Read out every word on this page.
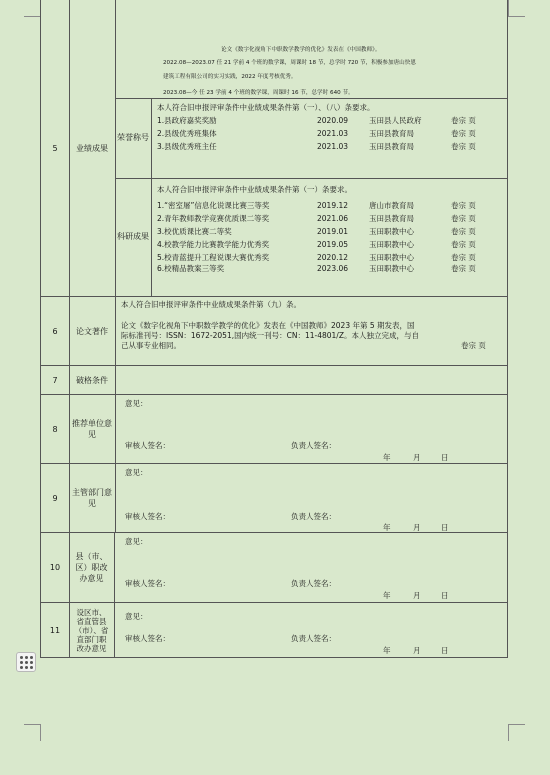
5	业绩成果
论文《数字化视角下中职数学教学的优化》发表在《中国教师》。
2022.08—2023.07 任 21 学前 4 个班的数学课，周课时 18 节，总学时 720 节，积极参加唐山快恩
建筑工程有限公司的实习实践，2022 年度考核优秀。
2023.08—今 任 23 学前 4 个班的数学课，周课时 16 节，总学时 640 节。
荣誉称号
本人符合旧申报评审条件中业绩成果条件第（一）、（八）条要求。
1.县政府嘉奖奖励	2020.09	玉田县人民政府	卷宗 页
2.县级优秀班集体	2021.03	玉田县教育局	卷宗 页
3.县级优秀班主任	2021.03	玉田县教育局	卷宗 页
科研成果
本人符合旧申报评审条件中业绩成果条件第（一）条要求。
1.“密室屠”信息化说课比赛三等奖	2019.12	唐山市教育局	卷宗 页
2.青年教师教学竞赛优质课二等奖	2021.06	玉田县教育局	卷宗 页
3.校优质课比赛二等奖	2019.01	玉田职教中心	卷宗 页
4.校教学能力比赛教学能力优秀奖	2019.05	玉田职教中心	卷宗 页
5.校青蓝提升工程说课大赛优秀奖	2020.12	玉田职教中心	卷宗 页
6.校精品教案三等奖	2023.06	玉田职教中心	卷宗 页
6	论文著作
本人符合旧申报评审条件中业绩成果条件第（九）条。
论文《数字化视角下中职数学教学的优化》发表在《中国教师》2023 年第 5 期发表，国
际标准刊号：ISSN：1672-2051,国内统一刊号：CN：11-4801/Z。本人独立完成，与自
己从事专业相同。	卷宗 页
7	破格条件
8
推荐单位意见
意见：
审核人签名：	负责人签名：
年	月	日
9
主管部门意见
意见：
审核人签名：	负责人签名：
年	月	日
10
县（市、区）职改办意见
意见：
审核人签名：	负责人签名：
年	月	日
11
设区市、省直管县（市）、省直部门职改办意见
意见：
审核人签名：	负责人签名：
年	月	日
